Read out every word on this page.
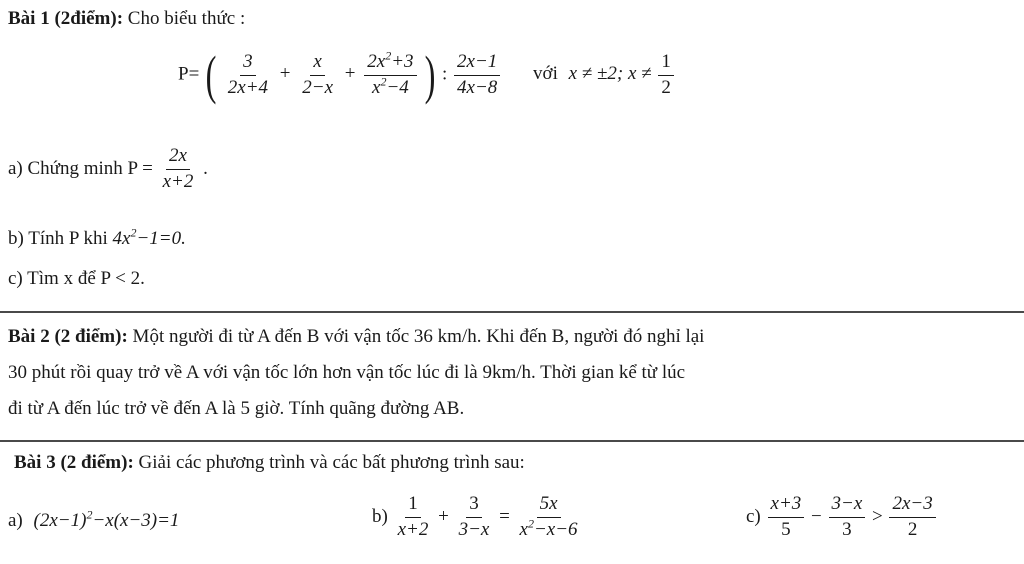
Bài 1 (2điểm): Cho biểu thức :
P= ( $\frac{3}{2x+4} + \frac{x}{2-x} + \frac{2x^2+3}{x^2-4}$ ) : $\frac{2x-1}{4x-8}$ với x ≠ ±2; $x \ne \frac{1}{2}$
a) Chứng minh $P = \frac{2x}{x+2}$ .
b) Tính P khi $4x^2-1=0$.
c) Tìm x để P < 2.
Bài 2 (2 điểm): Một người đi từ A đến B với vận tốc 36 km/h. Khi đến B, người đó nghỉ lại
30 phút rồi quay trở về A với vận tốc lớn hơn vận tốc lúc đi là 9km/h. Thời gian kể từ lúc
đi từ A đến lúc trở về đến A là 5 giờ. Tính quãng đường AB.
Bài 3 (2 điểm): Giải các phương trình và các bất phương trình sau:
a) $(2x-1)^2-x(x-3)=1$	$b) \frac{1}{x+2} + \frac{3}{3-x} = \frac{5x}{x^2-x-6}$	$c) \frac{x+3}{5} - \frac{3-x}{3} > \frac{2x-3}{2}$
